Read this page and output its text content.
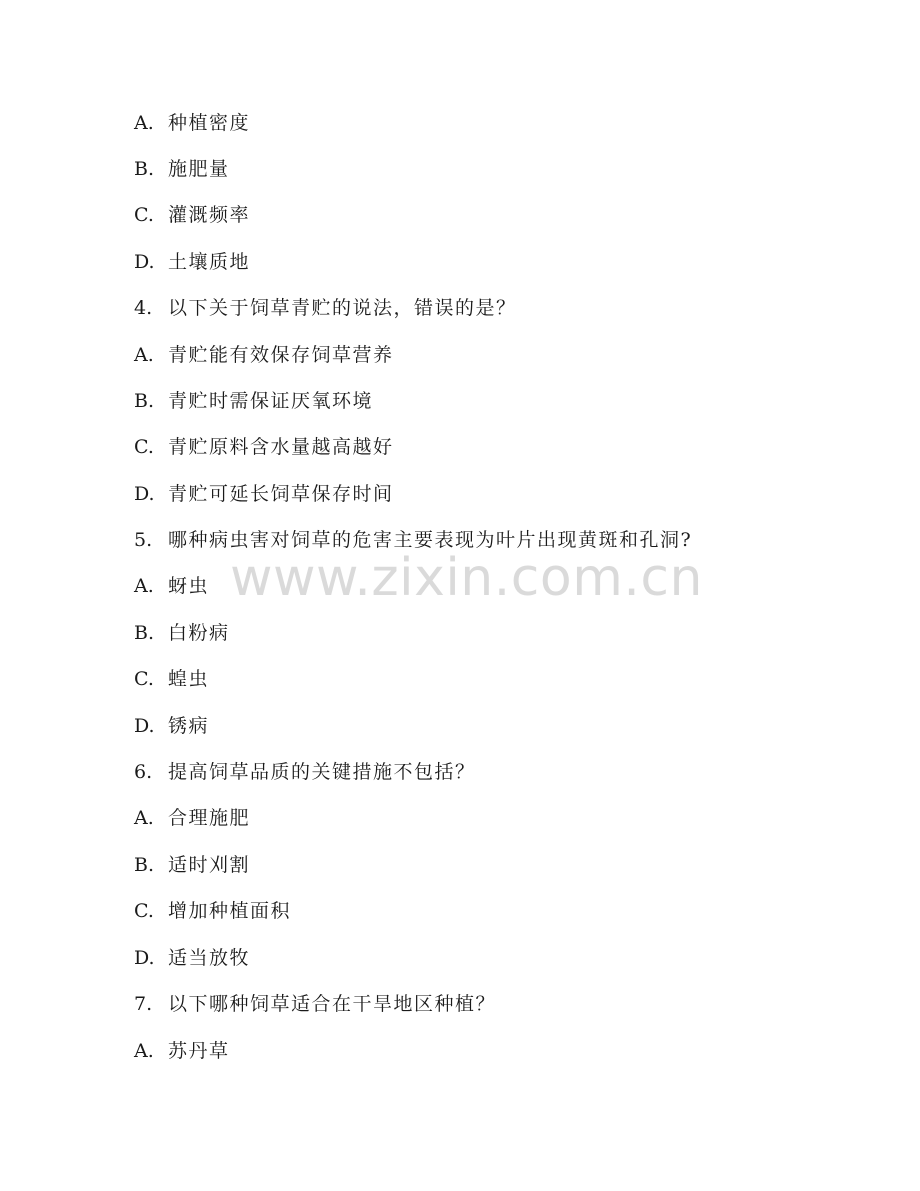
A. 种植密度
B. 施肥量
C. 灌溉频率
D. 土壤质地
4. 以下关于饲草青贮的说法，错误的是？
A. 青贮能有效保存饲草营养
B. 青贮时需保证厌氧环境
C. 青贮原料含水量越高越好
D. 青贮可延长饲草保存时间
5. 哪种病虫害对饲草的危害主要表现为叶片出现黄斑和孔洞?
A. 蚜虫
B. 白粉病
C. 蝗虫
D. 锈病
6. 提高饲草品质的关键措施不包括？
A. 合理施肥
B. 适时刈割
C. 增加种植面积
D. 适当放牧
7. 以下哪种饲草适合在干旱地区种植？
A. 苏丹草
www.zixin.com.cn
